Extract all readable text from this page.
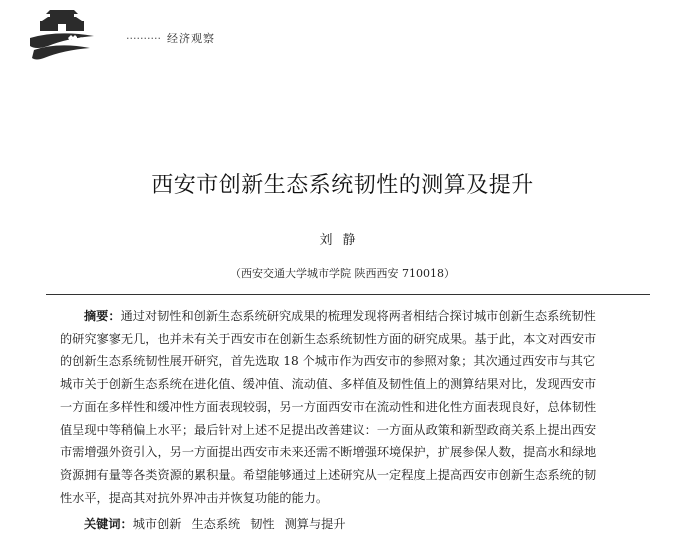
·········· 经济观察
西安市创新生态系统韧性的测算及提升
刘静
（西安交通大学城市学院 陕西西安 710018）
摘要：通过对韧性和创新生态系统研究成果的梳理发现将两者相结合探讨城市创新生态系统韧性
的研究寥寥无几，也并未有关于西安市在创新生态系统韧性方面的研究成果。基于此，本文对西安市
的创新生态系统韧性展开研究，首先选取 18 个城市作为西安市的参照对象；其次通过西安市与其它
城市关于创新生态系统在进化值、缓冲值、流动值、多样值及韧性值上的测算结果对比，发现西安市
一方面在多样性和缓冲性方面表现较弱，另一方面西安市在流动性和进化性方面表现良好，总体韧性
值呈现中等稍偏上水平；最后针对上述不足提出改善建议：一方面从政策和新型政商关系上提出西安
市需增强外资引入，另一方面提出西安市未来还需不断增强环境保护，扩展参保人数，提高水和绿地
资源拥有量等各类资源的累积量。希望能够通过上述研究从一定程度上提高西安市创新生态系统的韧
性水平，提高其对抗外界冲击并恢复功能的能力。
关键词：城市创新 生态系统 韧性 测算与提升
